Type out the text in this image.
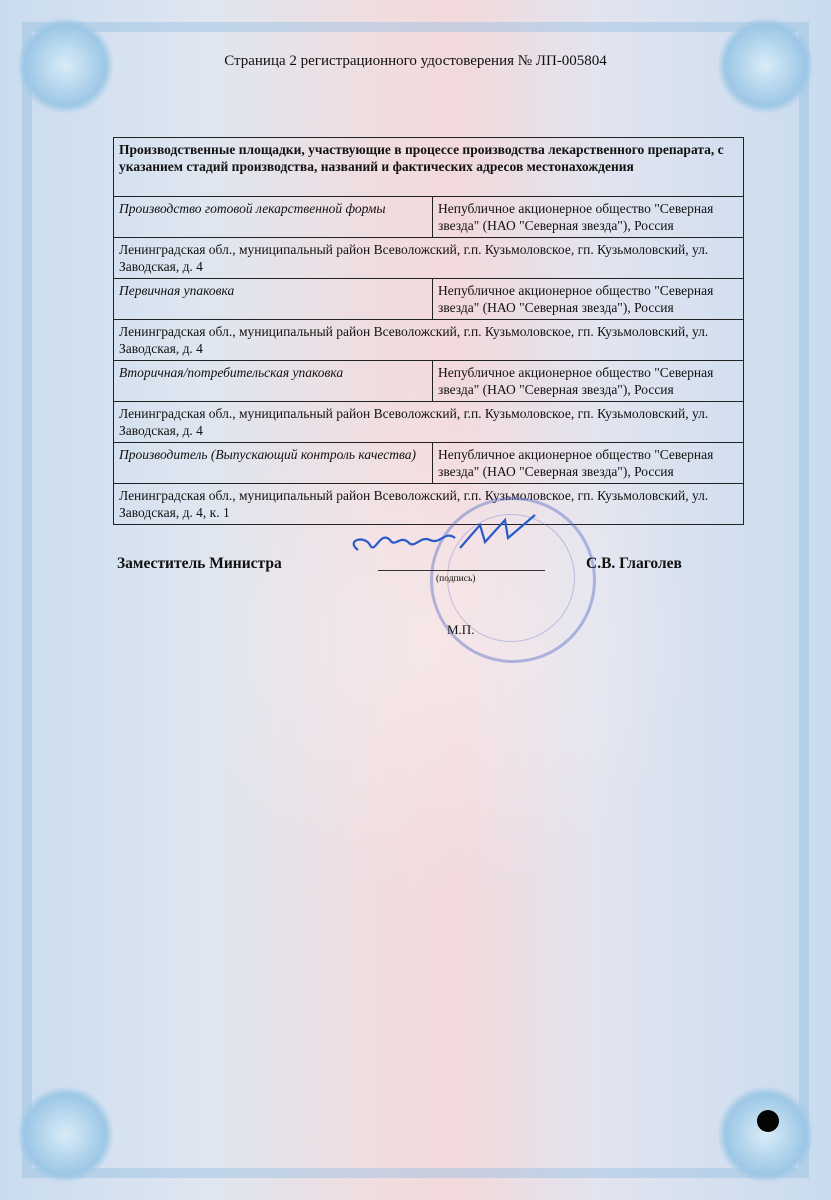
Страница 2 регистрационного удостоверения № ЛП-005804
Производственные площадки, участвующие в процессе производства лекарственного препарата, с указанием стадий производства, названий и фактических адресов местонахождения	
Производство готовой лекарственной формы	Непубличное акционерное общество "Северная звезда" (НАО "Северная звезда"), Россия
Ленинградская обл., муниципальный район Всеволожский, г.п. Кузьмоловское, гп. Кузьмоловский, ул. Заводская, д. 4	
Первичная упаковка	Непубличное акционерное общество "Северная звезда" (НАО "Северная звезда"), Россия
Ленинградская обл., муниципальный район Всеволожский, г.п. Кузьмоловское, гп. Кузьмоловский, ул. Заводская, д. 4	
Вторичная/потребительская упаковка	Непубличное акционерное общество "Северная звезда" (НАО "Северная звезда"), Россия
Ленинградская обл., муниципальный район Всеволожский, г.п. Кузьмоловское, гп. Кузьмоловский, ул. Заводская, д. 4	
Производитель (Выпускающий контроль качества)	Непубличное акционерное общество "Северная звезда" (НАО "Северная звезда"), Россия
Ленинградская обл., муниципальный район Всеволожский, г.п. Кузьмоловское, гп. Кузьмоловский, ул. Заводская, д. 4, к. 1	
Заместитель Министра
(подпись)
С.В. Глаголев
М.П.
